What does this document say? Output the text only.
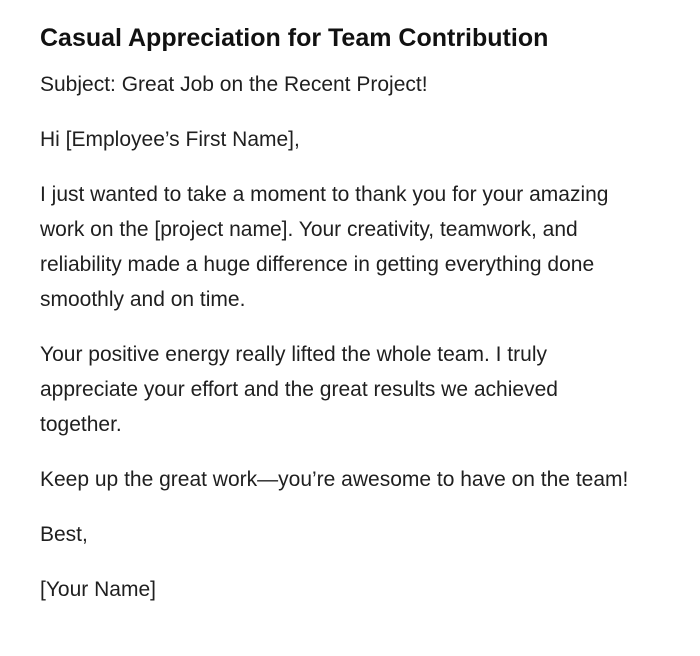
Casual Appreciation for Team Contribution

Subject: Great Job on the Recent Project!

Hi [Employee’s First Name],

I just wanted to take a moment to thank you for your amazing work on the [project name]. Your creativity, teamwork, and reliability made a huge difference in getting everything done smoothly and on time.

Your positive energy really lifted the whole team. I truly appreciate your effort and the great results we achieved together.

Keep up the great work—you’re awesome to have on the team!

Best,

[Your Name]
